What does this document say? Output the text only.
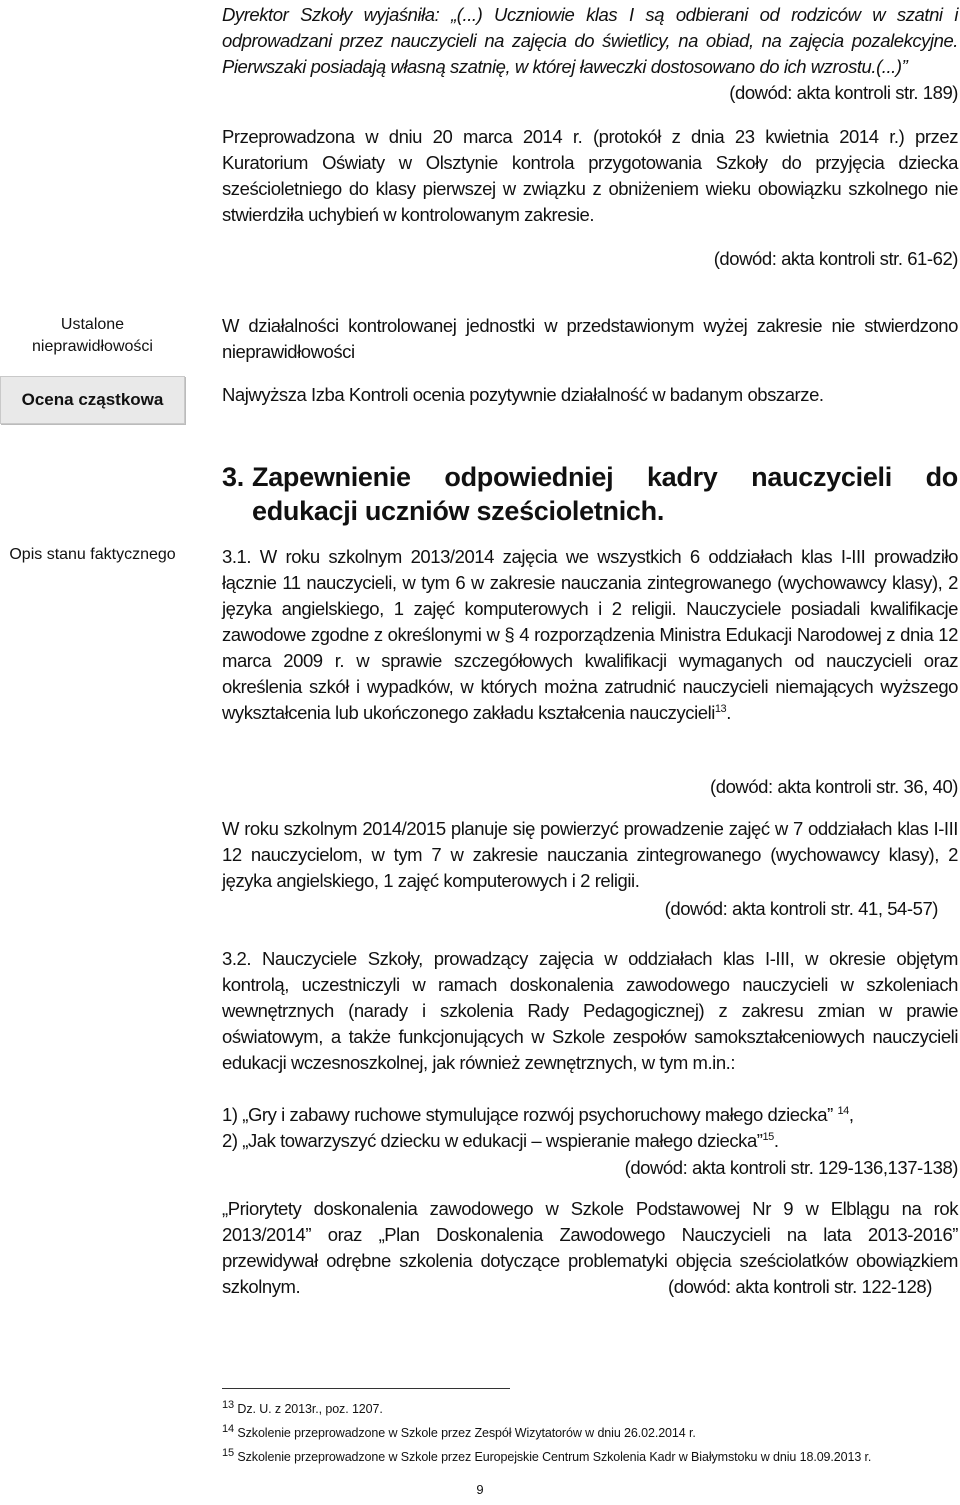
Dyrektor Szkoły wyjaśniła: „(...) Uczniowie klas I są odbierani od rodziców w szatni i odprowadzani przez nauczycieli na zajęcia do świetlicy, na obiad, na zajęcia pozalekcyjne. Pierwszaki posiadają własną szatnię, w której ławeczki dostosowano do ich wzrostu.(...)”
(dowód: akta kontroli str. 189)
Przeprowadzona w dniu 20 marca 2014 r. (protokół z dnia 23 kwietnia 2014 r.) przez Kuratorium Oświaty w Olsztynie kontrola przygotowania Szkoły do przyjęcia dziecka sześcioletniego do klasy pierwszej w związku z obniżeniem wieku obowiązku szkolnego nie stwierdziła uchybień w kontrolowanym zakresie.
(dowód: akta kontroli str. 61-62)
Ustalone nieprawidłowości
Ocena cząstkowa
Opis stanu faktycznego
W działalności kontrolowanej jednostki w przedstawionym wyżej zakresie nie stwierdzono nieprawidłowości
Najwyższa Izba Kontroli ocenia pozytywnie działalność w badanym obszarze.
3. Zapewnienie odpowiedniej kadry nauczycieli do edukacji uczniów sześcioletnich.
3.1. W roku szkolnym 2013/2014 zajęcia we wszystkich 6 oddziałach klas I-III prowadziło łącznie 11 nauczycieli, w tym 6 w zakresie nauczania zintegrowanego (wychowawcy klasy), 2 języka angielskiego, 1 zajęć komputerowych i 2 religii. Nauczyciele posiadali kwalifikacje zawodowe zgodne z określonymi w § 4 rozporządzenia Ministra Edukacji Narodowej z dnia 12 marca 2009 r. w sprawie szczegółowych kwalifikacji wymaganych od nauczycieli oraz określenia szkół i wypadków, w których można zatrudnić nauczycieli niemających wyższego wykształcenia lub ukończonego zakładu kształcenia nauczycieli$^{13}$.
(dowód: akta kontroli str. 36, 40)
W roku szkolnym 2014/2015 planuje się powierzyć prowadzenie zajęć w 7 oddziałach klas I-III 12 nauczycielom, w tym 7 w zakresie nauczania zintegrowanego (wychowawcy klasy), 2 języka angielskiego, 1 zajęć komputerowych i 2 religii.
(dowód: akta kontroli str. 41, 54-57)
3.2. Nauczyciele Szkoły, prowadzący zajęcia w oddziałach klas I-III, w okresie objętym kontrolą, uczestniczyli w ramach doskonalenia zawodowego nauczycieli w szkoleniach wewnętrznych (narady i szkolenia Rady Pedagogicznej) z zakresu zmian w prawie oświatowym, a także funkcjonujących w Szkole zespołów samokształceniowych nauczycieli edukacji wczesnoszkolnej, jak również zewnętrznych, w tym m.in.:
1) „Gry i zabawy ruchowe stymulujące rozwój psychoruchowy małego dziecka” $^{14}$,
2) „Jak towarzyszyć dziecku w edukacji – wspieranie małego dziecka”$^{15}$.
(dowód: akta kontroli str. 129-136,137-138)
„Priorytety doskonalenia zawodowego w Szkole Podstawowej Nr 9 w Elblągu na rok 2013/2014” oraz „Plan Doskonalenia Zawodowego Nauczycieli na lata 2013-2016” przewidywał odrębne szkolenia dotyczące problematyki objęcia sześciolatków obowiązkiem szkolnym.	(dowód: akta kontroli str. 122-128)
$^{13}$ Dz. U. z 2013r., poz. 1207.
$^{14}$ Szkolenie przeprowadzone w Szkole przez Zespół Wizytatorów w dniu 26.02.2014 r.
$^{15}$ Szkolenie przeprowadzone w Szkole przez Europejskie Centrum Szkolenia Kadr w Białymstoku w dniu 18.09.2013 r.
9
